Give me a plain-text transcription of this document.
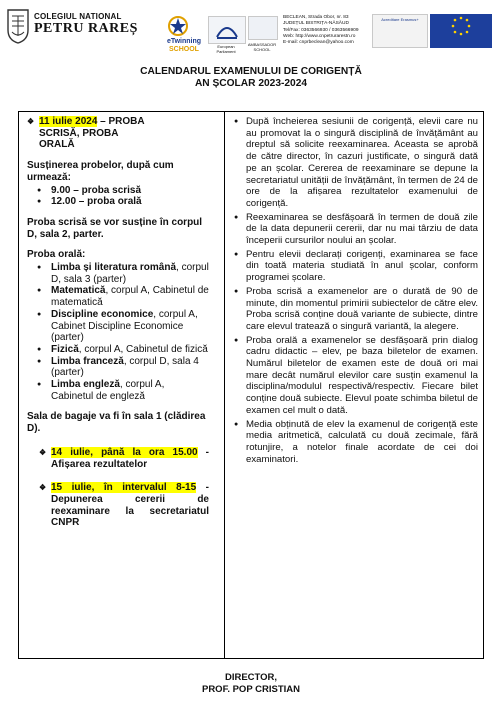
COLEGIUL NATIONAL
PETRU RAREȘ
eTwinning
SCHOOL	European Parliament
AMBASSADOR SCHOOL
BECLEAN, Strada Obor, nr. 83
JUDEȚUL BISTRIȚA-NĂSĂUD
Tel/Fax: 0363566930 / 0363566909
Web: http://www.cnpetrurarestn.ro
E-mail: cnprbeclean@yahoo.com
Acreditare Erasmus+
CALENDARUL EXAMENULUI DE CORIGENȚĂ
AN ȘCOLAR 2023-2024
❖ 11 iulie 2024 – PROBA
SCRISĂ, PROBA
ORALĂ
Susținerea probelor, după cum urmează:
● 9.00 – proba scrisă
● 12.00 – proba orală
Proba scrisă se vor susține în corpul D, sala 2, parter.
Proba orală:
● Limba și literatura română, corpul D, sala 3 (parter)
● Matematică, corpul A, Cabinetul de matematică
● Discipline economice, corpul A, Cabinet Discipline Economice (parter)
● Fizică, corpul A, Cabinetul de fizică
● Limba franceză, corpul D, sala 4 (parter)
● Limba engleză, corpul A, Cabinetul de engleză
Sala de bagaje va fi în sala 1 (clădirea D).
❖ 14 iulie, până la ora 15.00 - Afișarea rezultatelor
❖ 15 iulie, în intervalul 8-15 - Depunerea cererii de reexaminare la secretariatul CNPR
● După încheierea sesiunii de corigență, elevii care nu au promovat la o singură disciplină de învățământ au dreptul să solicite reexaminarea. Aceasta se aprobă de către director, în cazuri justificate, o singură dată pe an școlar. Cererea de reexaminare se depune la secretariatul unității de învățământ, în termen de 24 de ore de la afișarea rezultatelor examenului de corigență.
● Reexaminarea se desfășoară în termen de două zile de la data depunerii cererii, dar nu mai târziu de data începerii cursurilor noului an școlar.
● Pentru elevii declarați corigenți, examinarea se face din toată materia studiată în anul școlar, conform programei școlare.
● Proba scrisă a examenelor are o durată de 90 de minute, din momentul primirii subiectelor de către elev. Proba scrisă conține două variante de subiecte, dintre care elevul tratează o singură variantă, la alegere.
● Proba orală a examenelor se desfășoară prin dialog cadru didactic – elev, pe baza biletelor de examen. Numărul biletelor de examen este de două ori mai mare decât numărul elevilor care susțin examenul la disciplina/modulul respectivă/respectiv. Fiecare bilet conține două subiecte. Elevul poate schimba biletul de examen cel mult o dată.
● Media obținută de elev la examenul de corigență este media aritmetică, calculată cu două zecimale, fără rotunjire, a notelor finale acordate de cei doi examinatori.
DIRECTOR,
PROF. POP CRISTIAN
